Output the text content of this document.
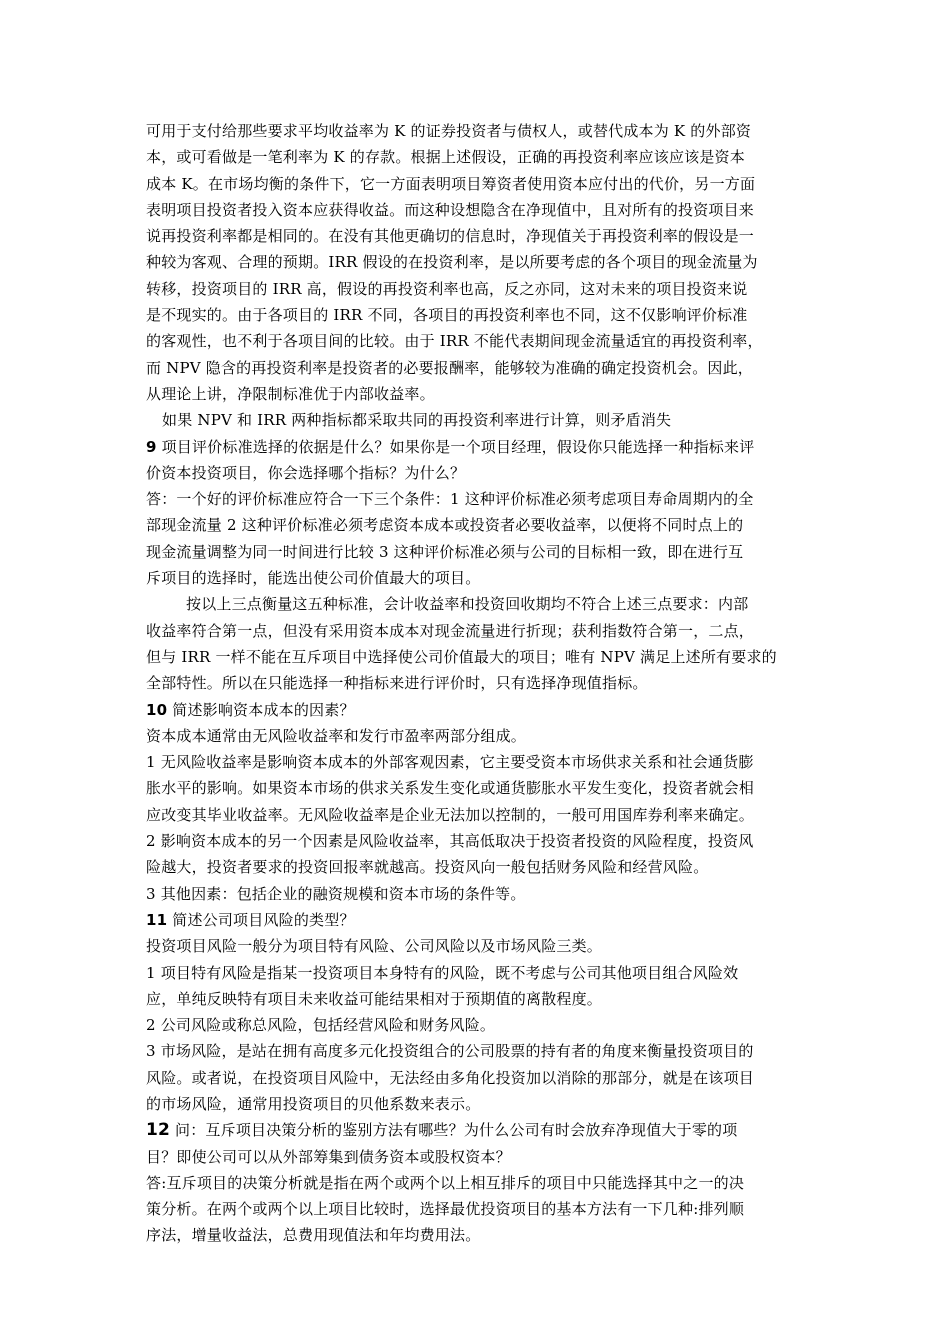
可用于支付给那些要求平均收益率为 K 的证券投资者与债权人，或替代成本为 K 的外部资
本，或可看做是一笔利率为 K 的存款。根据上述假设，正确的再投资利率应该应该是资本
成本 K。在市场均衡的条件下，它一方面表明项目筹资者使用资本应付出的代价，另一方面
表明项目投资者投入资本应获得收益。而这种设想隐含在净现值中，且对所有的投资项目来
说再投资利率都是相同的。在没有其他更确切的信息时，净现值关于再投资利率的假设是一
种较为客观、合理的预期。IRR 假设的在投资利率，是以所要考虑的各个项目的现金流量为
转移，投资项目的 IRR 高，假设的再投资利率也高，反之亦同，这对未来的项目投资来说
是不现实的。由于各项目的 IRR 不同，各项目的再投资利率也不同，这不仅影响评价标准
的客观性，也不利于各项目间的比较。由于 IRR 不能代表期间现金流量适宜的再投资利率，
而 NPV 隐含的再投资利率是投资者的必要报酬率，能够较为准确的确定投资机会。因此，
从理论上讲，净限制标准优于内部收益率。
如果 NPV 和 IRR 两种指标都采取共同的再投资利率进行计算，则矛盾消失
9 项目评价标准选择的依据是什么？如果你是一个项目经理，假设你只能选择一种指标来评
价资本投资项目，你会选择哪个指标？为什么？
答：一个好的评价标准应符合一下三个条件：1 这种评价标准必须考虑项目寿命周期内的全
部现金流量 2 这种评价标准必须考虑资本成本或投资者必要收益率，以便将不同时点上的
现金流量调整为同一时间进行比较 3 这种评价标准必须与公司的目标相一致，即在进行互
斥项目的选择时，能选出使公司价值最大的项目。
按以上三点衡量这五种标准，会计收益率和投资回收期均不符合上述三点要求：内部
收益率符合第一点，但没有采用资本成本对现金流量进行折现；获利指数符合第一，二点，
但与 IRR 一样不能在互斥项目中选择使公司价值最大的项目；唯有 NPV 满足上述所有要求的
全部特性。所以在只能选择一种指标来进行评价时，只有选择净现值指标。
10 简述影响资本成本的因素？
资本成本通常由无风险收益率和发行市盈率两部分组成。
1 无风险收益率是影响资本成本的外部客观因素，它主要受资本市场供求关系和社会通货膨
胀水平的影响。如果资本市场的供求关系发生变化或通货膨胀水平发生变化，投资者就会相
应改变其毕业收益率。无风险收益率是企业无法加以控制的，一般可用国库券利率来确定。
2 影响资本成本的另一个因素是风险收益率，其高低取决于投资者投资的风险程度，投资风
险越大，投资者要求的投资回报率就越高。投资风向一般包括财务风险和经营风险。
3 其他因素：包括企业的融资规模和资本市场的条件等。
11 简述公司项目风险的类型？
投资项目风险一般分为项目特有风险、公司风险以及市场风险三类。
1 项目特有风险是指某一投资项目本身特有的风险，既不考虑与公司其他项目组合风险效
应，单纯反映特有项目未来收益可能结果相对于预期值的离散程度。
2 公司风险或称总风险，包括经营风险和财务风险。
3 市场风险，是站在拥有高度多元化投资组合的公司股票的持有者的角度来衡量投资项目的
风险。或者说，在投资项目风险中，无法经由多角化投资加以消除的那部分，就是在该项目
的市场风险，通常用投资项目的贝他系数来表示。
12 问：互斥项目决策分析的鉴别方法有哪些？为什么公司有时会放弃净现值大于零的项
目？即使公司可以从外部筹集到债务资本或股权资本？
答:互斥项目的决策分析就是指在两个或两个以上相互排斥的项目中只能选择其中之一的决
策分析。在两个或两个以上项目比较时，选择最优投资项目的基本方法有一下几种:排列顺
序法，增量收益法，总费用现值法和年均费用法。
